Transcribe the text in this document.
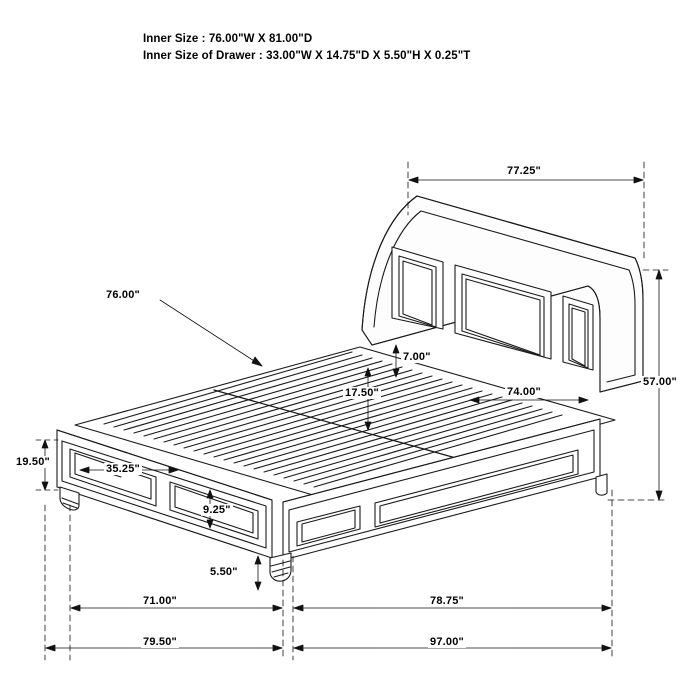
Inner Size : 76.00"W X 81.00"D
Inner Size of Drawer : 33.00"W X 14.75"D X 5.50"H X 0.25"T
77.25"
76.00"
7.00"
17.50"	74.00"
57.00"
19.50"
35.25"
9.25"
5.50"
71.00"	78.75"
79.50"	97.00"
